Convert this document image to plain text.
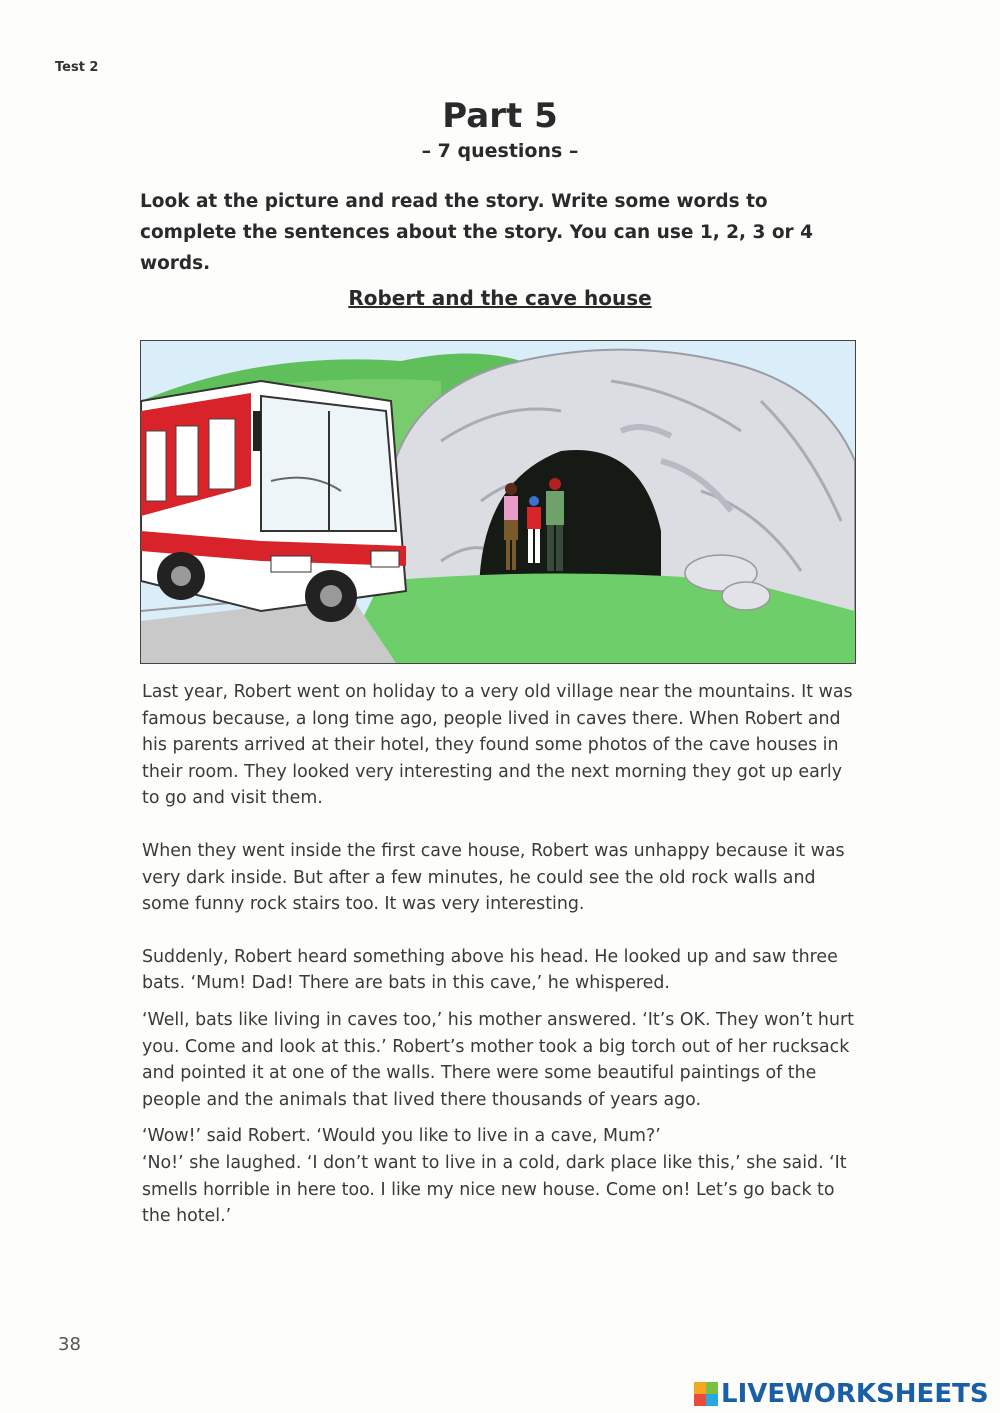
Test 2
Part 5
– 7 questions –
Look at the picture and read the story. Write some words to complete the sentences about the story. You can use 1, 2, 3 or 4 words.
Robert and the cave house

Last year, Robert went on holiday to a very old village near the mountains. It was famous because, a long time ago, people lived in caves there. When Robert and his parents arrived at their hotel, they found some photos of the cave houses in their room. They looked very interesting and the next morning they got up early to go and visit them.

When they went inside the first cave house, Robert was unhappy because it was very dark inside. But after a few minutes, he could see the old rock walls and some funny rock stairs too. It was very interesting.

Suddenly, Robert heard something above his head. He looked up and saw three bats. ‘Mum! Dad! There are bats in this cave,’ he whispered.

‘Well, bats like living in caves too,’ his mother answered. ‘It’s OK. They won’t hurt you. Come and look at this.’ Robert’s mother took a big torch out of her rucksack and pointed it at one of the walls. There were some beautiful paintings of the people and the animals that lived there thousands of years ago.

‘Wow!’ said Robert. ‘Would you like to live in a cave, Mum?’

‘No!’ she laughed. ‘I don’t want to live in a cold, dark place like this,’ she said. ‘It smells horrible in here too. I like my nice new house. Come on! Let’s go back to the hotel.’

38
LIVEWORKSHEETS
